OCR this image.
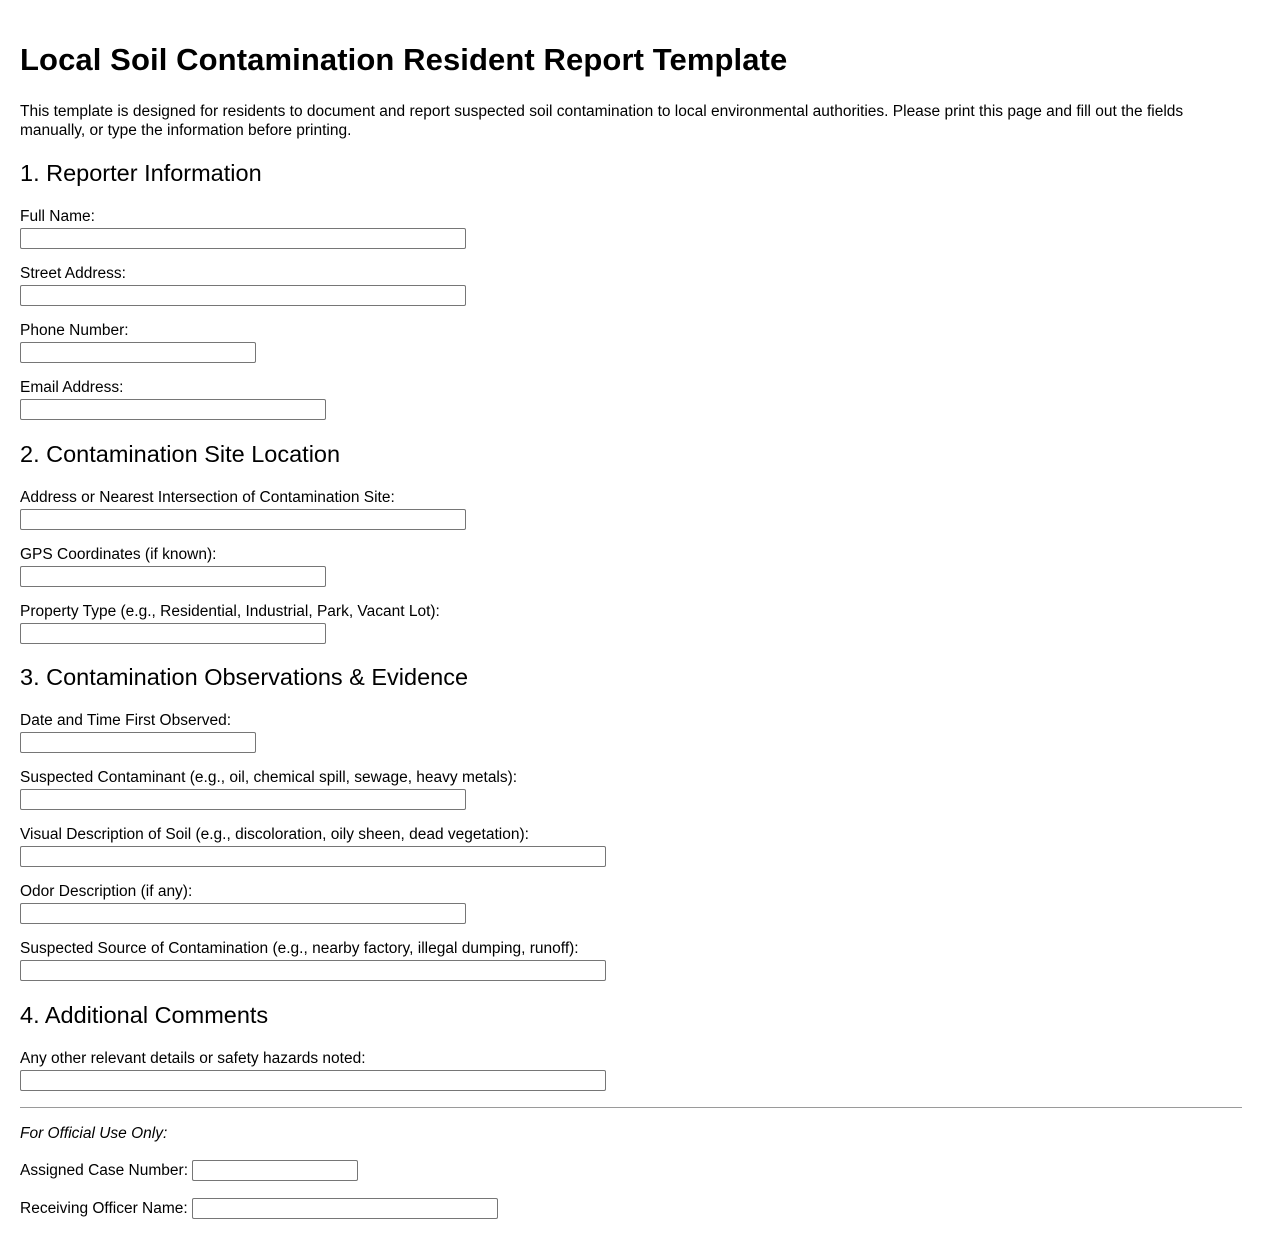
Local Soil Contamination Resident Report Template

This template is designed for residents to document and report suspected soil contamination to local environmental authorities. Please print this page and fill out the fields manually, or type the information before printing.

1. Reporter Information
Full Name:
Street Address:
Phone Number:
Email Address:
2. Contamination Site Location
Address or Nearest Intersection of Contamination Site:
GPS Coordinates (if known):
Property Type (e.g., Residential, Industrial, Park, Vacant Lot):
3. Contamination Observations & Evidence
Date and Time First Observed:
Suspected Contaminant (e.g., oil, chemical spill, sewage, heavy metals):
Visual Description of Soil (e.g., discoloration, oily sheen, dead vegetation):
Odor Description (if any):
Suspected Source of Contamination (e.g., nearby factory, illegal dumping, runoff):
4. Additional Comments
Any other relevant details or safety hazards noted:
For Official Use Only:
Assigned Case Number:
Receiving Officer Name:
